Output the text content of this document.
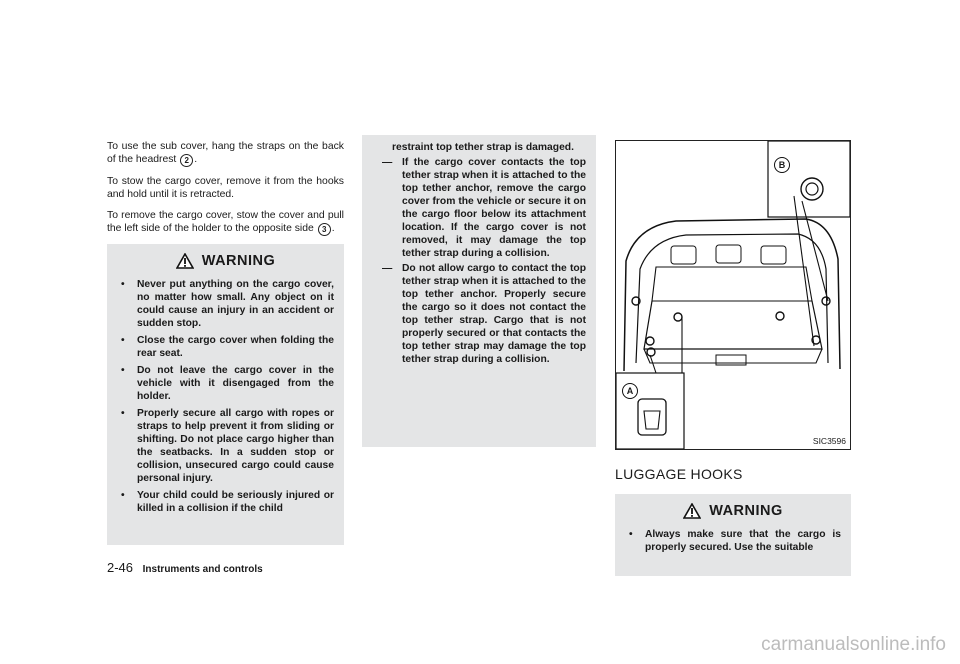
To use the sub cover, hang the straps on the back of the headrest 2 .

To stow the cargo cover, remove it from the hooks and hold until it is retracted.

To remove the cargo cover, stow the cover and pull the left side of the holder to the opposite side 3 .

WARNING
• Never put anything on the cargo cover, no matter how small. Any object on it could cause an injury in an accident or sudden stop.
• Close the cargo cover when folding the rear seat.
• Do not leave the cargo cover in the vehicle with it disengaged from the holder.
• Properly secure all cargo with ropes or straps to help prevent it from sliding or shifting. Do not place cargo higher than the seatbacks. In a sudden stop or collision, unsecured cargo could cause personal injury.
• Your child could be seriously injured or killed in a collision if the child

restraint top tether strap is damaged.

— If the cargo cover contacts the top tether strap when it is attached to the top tether anchor, remove the cargo cover from the vehicle or secure it on the cargo floor below its attachment location. If the cargo cover is not removed, it may damage the top tether strap during a collision.

— Do not allow cargo to contact the top tether strap when it is attached to the top tether anchor. Properly secure the cargo so it does not contact the top tether strap. Cargo that is not properly secured or that contacts the top tether strap may damage the top tether strap during a collision.

B
A
SIC3596
LUGGAGE HOOKS
WARNING
• Always make sure that the cargo is properly secured. Use the suitable
2-46 Instruments and controls
carmanualsonline.info
